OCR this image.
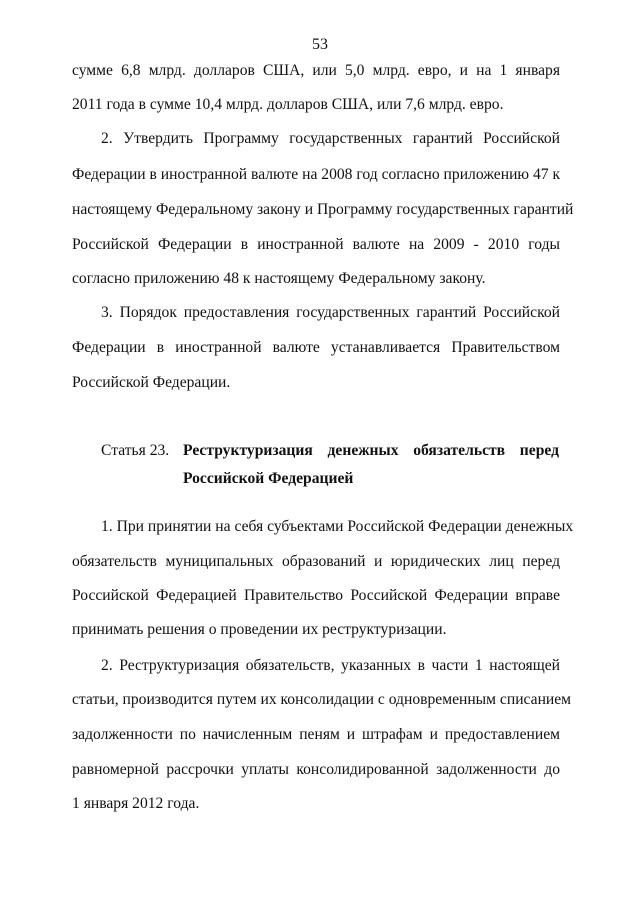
53
сумме 6,8 млрд. долларов США, или 5,0 млрд. евро, и на 1 января
2011 года в сумме 10,4 млрд. долларов США, или 7,6 млрд. евро.
2. Утвердить Программу государственных гарантий Российской
Федерации в иностранной валюте на 2008 год согласно приложению 47 к
настоящему Федеральному закону и Программу государственных гарантий
Российской Федерации в иностранной валюте на 2009 - 2010 годы
согласно приложению 48 к настоящему Федеральному закону.
3. Порядок предоставления государственных гарантий Российской
Федерации в иностранной валюте устанавливается Правительством
Российской Федерации.
Статья 23. Реструктуризация денежных обязательств перед
Российской Федерацией
1. При принятии на себя субъектами Российской Федерации денежных
обязательств муниципальных образований и юридических лиц перед
Российской Федерацией Правительство Российской Федерации вправе
принимать решения о проведении их реструктуризации.
2. Реструктуризация обязательств, указанных в части 1 настоящей
статьи, производится путем их консолидации с одновременным списанием
задолженности по начисленным пеням и штрафам и предоставлением
равномерной рассрочки уплаты консолидированной задолженности до
1 января 2012 года.
